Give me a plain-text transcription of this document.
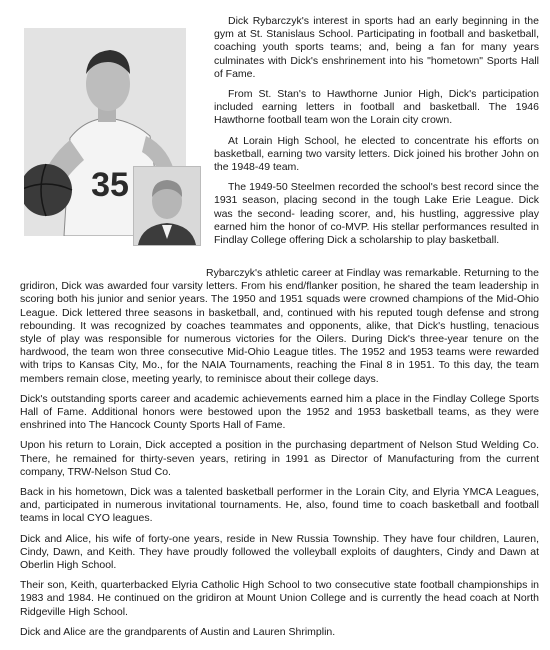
35

Dick Rybarczyk's interest in sports had an early beginning in the gym at St. Stanislaus School. Participating in football and basketball, coaching youth sports teams; and, being a fan for many years culminates with Dick's enshrinement into his "hometown" Sports Hall of Fame.

From St. Stan's to Hawthorne Junior High, Dick's participation included earning letters in football and basketball. The 1946 Hawthorne football team won the Lorain city crown.

At Lorain High School, he elected to concentrate his efforts on basketball, earning two varsity letters. Dick joined his brother John on the 1948-49 team.

The 1949-50 Steelmen recorded the school's best record since the 1931 season, placing second in the tough Lake Erie League. Dick was the second- leading scorer, and, his hustling, aggressive play earned him the honor of co-MVP. His stellar performances resulted in Findlay College offering Dick a scholarship to play basketball.

Rybarczyk's athletic career at Findlay was remarkable. Returning to the gridiron, Dick was awarded four varsity letters. From his end/flanker position, he shared the team leadership in scoring both his junior and senior years. The 1950 and 1951 squads were crowned champions of the Mid-Ohio League. Dick lettered three seasons in basketball, and, continued with his reputed tough defense and strong rebounding. It was recognized by coaches teammates and opponents, alike, that Dick's hustling, tenacious style of play was responsible for numerous victories for the Oilers. During Dick's three-year tenure on the hardwood, the team won three consecutive Mid-Ohio League titles. The 1952 and 1953 teams were rewarded with trips to Kansas City, Mo., for the NAIA Tournaments, reaching the Final 8 in 1951. To this day, the team members remain close, meeting yearly, to reminisce about their college days.

Dick's outstanding sports career and academic achievements earned him a place in the Findlay College Sports Hall of Fame. Additional honors were bestowed upon the 1952 and 1953 basketball teams, as they were enshrined into The Hancock County Sports Hall of Fame.

Upon his return to Lorain, Dick accepted a position in the purchasing department of Nelson Stud Welding Co. There, he remained for thirty-seven years, retiring in 1991 as Director of Manufacturing from the current company, TRW-Nelson Stud Co.

Back in his hometown, Dick was a talented basketball performer in the Lorain City, and Elyria YMCA Leagues, and, participated in numerous invitational tournaments. He, also, found time to coach basketball and football teams in local CYO leagues.

Dick and Alice, his wife of forty-one years, reside in New Russia Township. They have four children, Lauren, Cindy, Dawn, and Keith. They have proudly followed the volleyball exploits of daughters, Cindy and Dawn at Oberlin High School.

Their son, Keith, quarterbacked Elyria Catholic High School to two consecutive state football championships in 1983 and 1984. He continued on the gridiron at Mount Union College and is currently the head coach at North Ridgeville High School.

Dick and Alice are the grandparents of Austin and Lauren Shrimplin.
